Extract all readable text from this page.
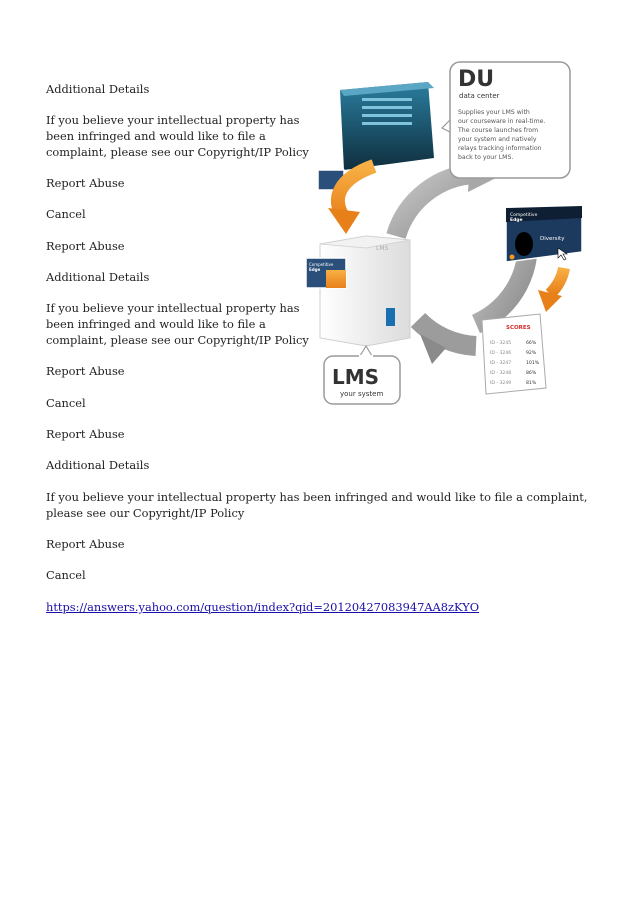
Additional Details

If you believe your intellectual property has
been infringed and would like to file a
complaint, please see our Copyright/IP Policy

Report Abuse

Cancel

Report Abuse

Additional Details

If you believe your intellectual property has
been infringed and would like to file a
complaint, please see our Copyright/IP Policy

Report Abuse

Cancel

Report Abuse

Additional Details

If you believe your intellectual property has been infringed and would like to file a complaint, please see our Copyright/IP Policy

Report Abuse

Cancel

https://answers.yahoo.com/question/index?qid=20120427083947AA8zKYO
DU
data center
Supplies your LMS with
our courseware in real-time.
The course launches from
your system and natively
relays tracking information
back to your LMS.
LMS
Competitive
Edge
Competitive
Edge
Diversity
SCORES
ID - 3245	66%
ID - 3246	92%
ID - 3247	101%
ID - 3248	86%
ID - 3249	81%
LMS
your system
